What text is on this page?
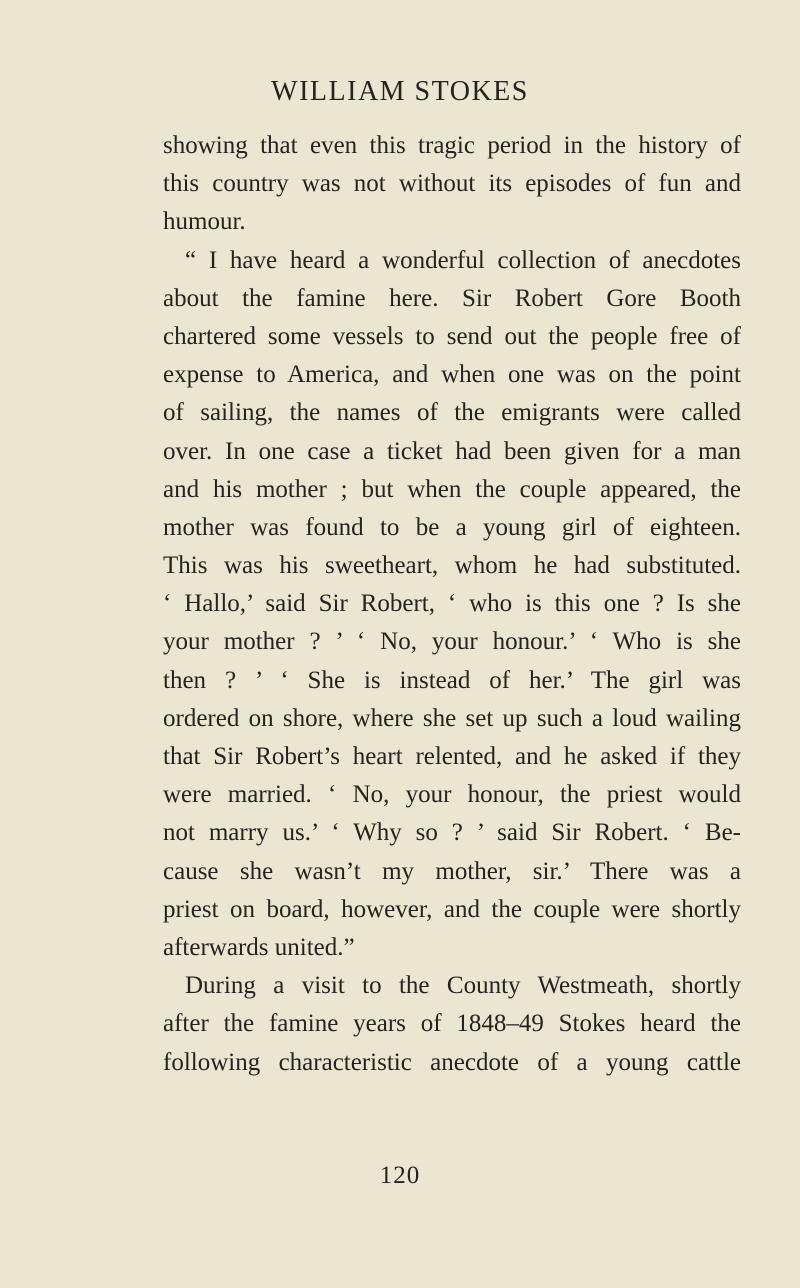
WILLIAM STOKES
showing that even this tragic period in the history of
this country was not without its episodes of fun and
humour.
“ I have heard a wonderful collection of anecdotes
about the famine here. Sir Robert Gore Booth
chartered some vessels to send out the people free of
expense to America, and when one was on the point
of sailing, the names of the emigrants were called
over. In one case a ticket had been given for a man
and his mother ; but when the couple appeared, the
mother was found to be a young girl of eighteen.
This was his sweetheart, whom he had substituted.
‘ Hallo,’ said Sir Robert, ‘ who is this one ? Is she
your mother ? ’ ‘ No, your honour.’ ‘ Who is she
then ? ’ ‘ She is instead of her.’ The girl was
ordered on shore, where she set up such a loud wailing
that Sir Robert’s heart relented, and he asked if they
were married. ‘ No, your honour, the priest would
not marry us.’ ‘ Why so ? ’ said Sir Robert. ‘ Be-
cause she wasn’t my mother, sir.’ There was a
priest on board, however, and the couple were shortly
afterwards united.”
During a visit to the County Westmeath, shortly
after the famine years of 1848–49 Stokes heard the
following characteristic anecdote of a young cattle
120
